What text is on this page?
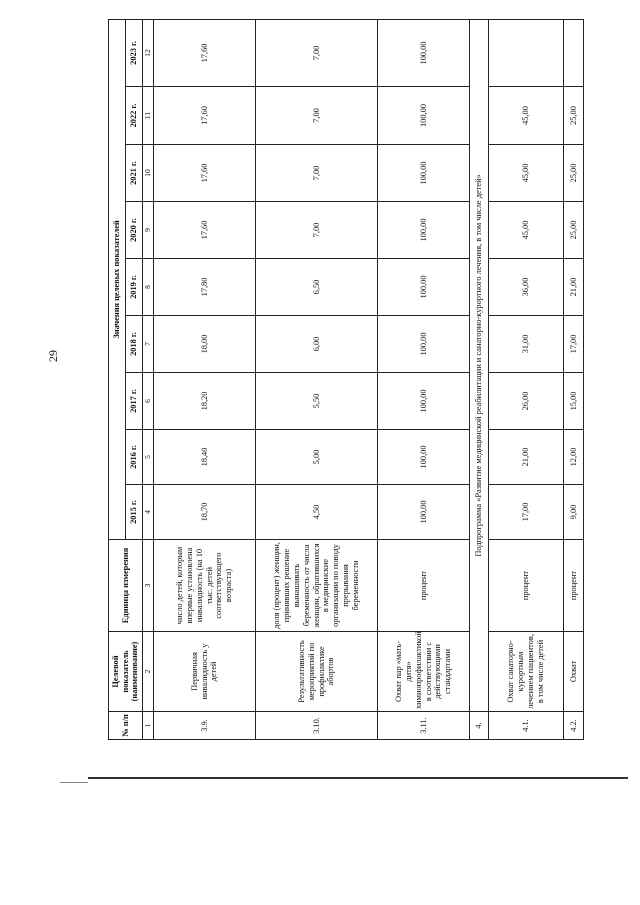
29
№ п/п	Целевой показатель (наименование)	Единица измерения	Значения целевых показателей								
			2015 г.	2016 г.	2017 г.	2018 г.	2019 г.	2020 г.	2021 г.	2022 г.	2023 г.
1	2	3	4	5	6	7	8	9	10	11	12
3.9.	Первичная инвалидность у детей	число детей, которым впервые установлена инвалидность (на 10 тыс. детей соответствующего возраста)	18,70	18,40	18,20	18,00	17,80	17,60	17,60	17,60	17,60
3.10.	Результативность мероприятий по профилактике абортов	доля (процент) женщин, принявших решение вынашивать беременность от числа женщин, обратившихся в медицинские организации по поводу прерывания беременности	4,50	5,00	5,50	6,00	6,50	7,00	7,00	7,00	7,00
3.11.	Охват пар «мать-дитя» химиопрофилактикой в соответствии с действующими стандартами	процент	100,00	100,00	100,00	100,00	100,00	100,00	100,00	100,00	100,00
4.	Подпрограмма «Развитие медицинской реабилитации и санаторно-курортного лечения, в том числе детей»										
4.1.	Охват санаторно-курортным лечением пациентов, в том числе детей	процент	17,00	21,00	26,00	31,00	36,00	45,00	45,00	45,00	
4.2.	Охват	процент	9,00	12,00	15,00	17,00	21,00	25,00	25,00	25,00	
